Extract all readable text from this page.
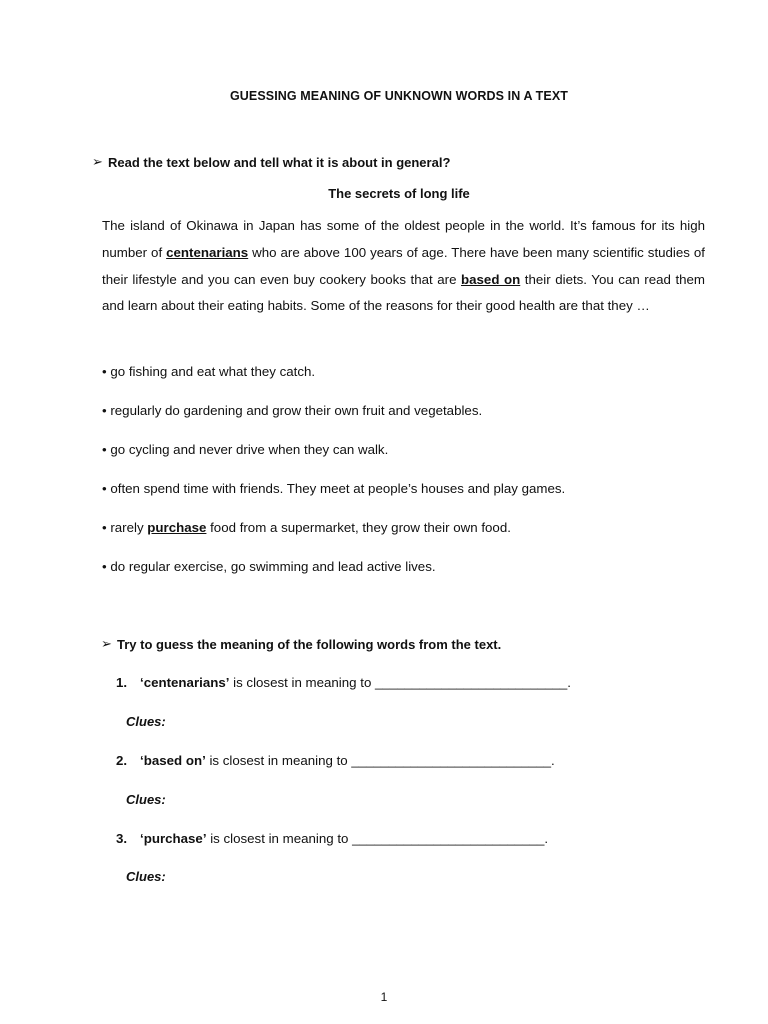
GUESSING MEANING OF UNKNOWN WORDS IN A TEXT
➢ Read the text below and tell what it is about in general?
The secrets of long life
The island of Okinawa in Japan has some of the oldest people in the world. It’s famous for its high number of centenarians who are above 100 years of age. There have been many scientific studies of their lifestyle and you can even buy cookery books that are based on their diets. You can read them and learn about their eating habits. Some of the reasons for their good health are that they …
• go fishing and eat what they catch.
• regularly do gardening and grow their own fruit and vegetables.
• go cycling and never drive when they can walk.
• often spend time with friends. They meet at people’s houses and play games.
• rarely purchase food from a supermarket, they grow their own food.
• do regular exercise, go swimming and lead active lives.
➢ Try to guess the meaning of the following words from the text.
1. ‘centenarians’ is closest in meaning to __________________________.
Clues:
2. ‘based on’ is closest in meaning to ___________________________.
Clues:
3. ‘purchase’ is closest in meaning to __________________________.
Clues:
1
